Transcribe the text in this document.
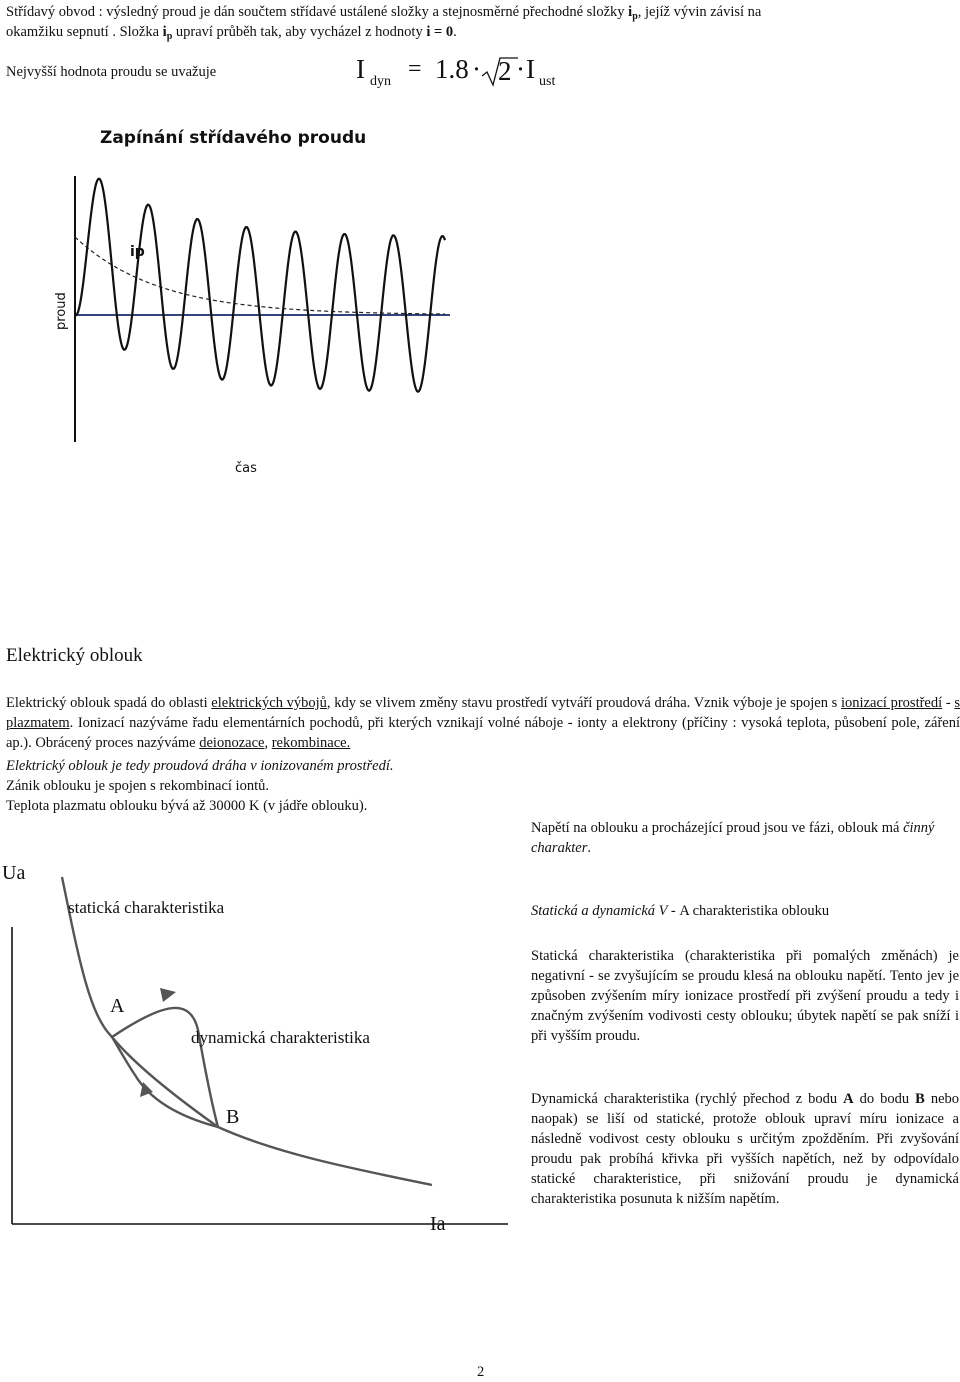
Střídavý obvod : výsledný proud je dán součtem střídavé ustálené složky a stejnosměrné přechodné složky $i_p$, jejíž vývin závisí na
okamžiku sepnutí . Složka $i_p$ upraví průběh tak, aby vycházel z hodnoty i = 0.
Nejvyšší hodnota proudu se uvažuje	I dyn = 1.8 · 2 · I ust
Zapínání střídavého proudu
ip
proud
čas
Elektrický oblouk
Elektrický oblouk spadá do oblasti elektrických výbojů, kdy se vlivem změny stavu prostředí vytváří proudová dráha. Vznik výboje je spojen s ionizací prostředí - s plazmatem. Ionizací nazýváme řadu elementárních pochodů, při kterých vznikají volné náboje - ionty a elektrony (příčiny : vysoká teplota, působení pole, záření ap.). Obrácený proces nazýváme deionozace, rekombinace.
Elektrický oblouk je tedy proudová dráha v ionizovaném prostředí.
Zánik oblouku je spojen s rekombinací iontů.
Teplota plazmatu oblouku bývá až 30000 K (v jádře oblouku).
Ua
Ia
statická charakteristika
dynamická charakteristika
A
B
Napětí na oblouku a procházející proud jsou ve fázi, oblouk má činný charakter.
Statická a dynamická V - A charakteristika oblouku
Statická charakteristika (charakteristika při pomalých změnách) je negativní - se zvyšujícím se proudu klesá na oblouku napětí. Tento jev je způsoben zvýšením míry ionizace prostředí při zvýšení proudu a tedy i značným zvýšením vodivosti cesty oblouku; úbytek napětí se pak sníží i při vyšším proudu.
Dynamická charakteristika (rychlý přechod z bodu A do bodu B nebo naopak) se liší od statické, protože oblouk upraví míru ionizace a následně vodivost cesty oblouku s určitým zpožděním. Při zvyšování proudu pak probíhá křivka při vyšších napětích, než by odpovídalo statické charakteristice, při snižování proudu je dynamická charakteristika posunuta k nižším napětím.
2
